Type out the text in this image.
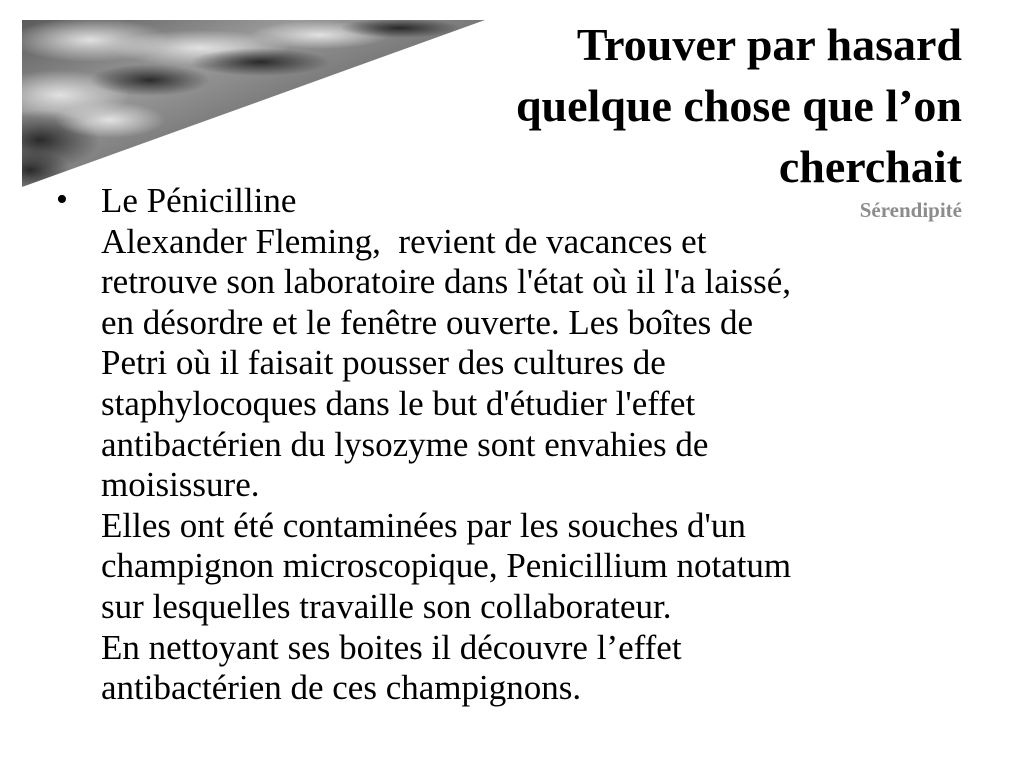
Trouver par hasard
quelque chose que l’on
cherchait
Sérendipité
• Le Pénicilline
Alexander Fleming,  revient de vacances et
retrouve son laboratoire dans l'état où il l'a laissé,
en désordre et le fenêtre ouverte. Les boîtes de
Petri où il faisait pousser des cultures de
staphylocoques dans le but d'étudier l'effet
antibactérien du lysozyme sont envahies de
moisissure.
Elles ont été contaminées par les souches d'un
champignon microscopique, Penicillium notatum
sur lesquelles travaille son collaborateur.
En nettoyant ses boites il découvre l’effet
antibactérien de ces champignons.
